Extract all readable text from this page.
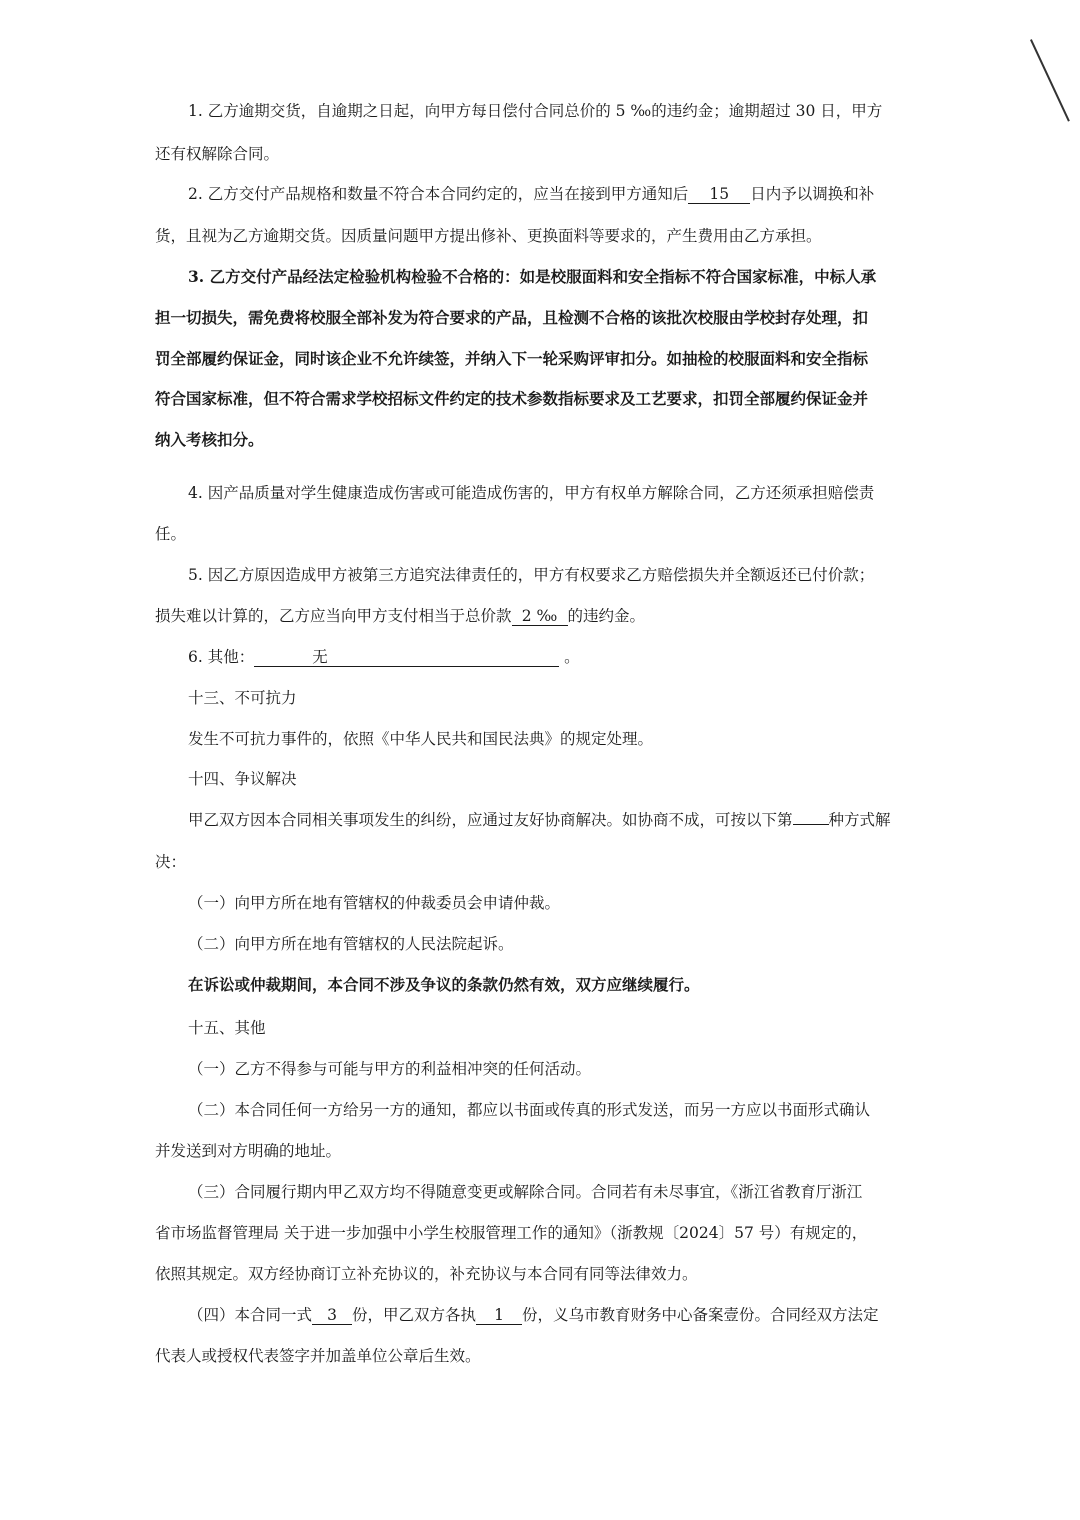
1. 乙方逾期交货，自逾期之日起，向甲方每日偿付合同总价的 5 ‰的违约金；逾期超过 30 日，甲方
还有权解除合同。
2. 乙方交付产品规格和数量不符合本合同约定的，应当在接到甲方通知后 15 日内予以调换和补
货，且视为乙方逾期交货。因质量问题甲方提出修补、更换面料等要求的，产生费用由乙方承担。
3. 乙方交付产品经法定检验机构检验不合格的：如是校服面料和安全指标不符合国家标准，中标人承
担一切损失，需免费将校服全部补发为符合要求的产品，且检测不合格的该批次校服由学校封存处理，扣
罚全部履约保证金，同时该企业不允许续签，并纳入下一轮采购评审扣分。如抽检的校服面料和安全指标
符合国家标准，但不符合需求学校招标文件约定的技术参数指标要求及工艺要求，扣罚全部履约保证金并
纳入考核扣分。
4. 因产品质量对学生健康造成伤害或可能造成伤害的，甲方有权单方解除合同，乙方还须承担赔偿责
任。
5. 因乙方原因造成甲方被第三方追究法律责任的，甲方有权要求乙方赔偿损失并全额返还已付价款；
损失难以计算的，乙方应当向甲方支付相当于总价款 2 ‰ 的违约金。
6. 其他：	无	。
十三、不可抗力
发生不可抗力事件的，依照《中华人民共和国民法典》的规定处理。
十四、争议解决
甲乙双方因本合同相关事项发生的纠纷，应通过友好协商解决。如协商不成，可按以下第 种方式解
决：
（一）向甲方所在地有管辖权的仲裁委员会申请仲裁。
（二）向甲方所在地有管辖权的人民法院起诉。
在诉讼或仲裁期间，本合同不涉及争议的条款仍然有效，双方应继续履行。
十五、其他
（一）乙方不得参与可能与甲方的利益相冲突的任何活动。
（二）本合同任何一方给另一方的通知，都应以书面或传真的形式发送，而另一方应以书面形式确认
并发送到对方明确的地址。
（三）合同履行期内甲乙双方均不得随意变更或解除合同。合同若有未尽事宜，《浙江省教育厅浙江
省市场监督管理局 关于进一步加强中小学生校服管理工作的通知》（浙教规〔2024〕57 号）有规定的，
依照其规定。双方经协商订立补充协议的，补充协议与本合同有同等法律效力。
（四）本合同一式 3 份，甲乙双方各执 1 份，义乌市教育财务中心备案壹份。合同经双方法定
代表人或授权代表签字并加盖单位公章后生效。
